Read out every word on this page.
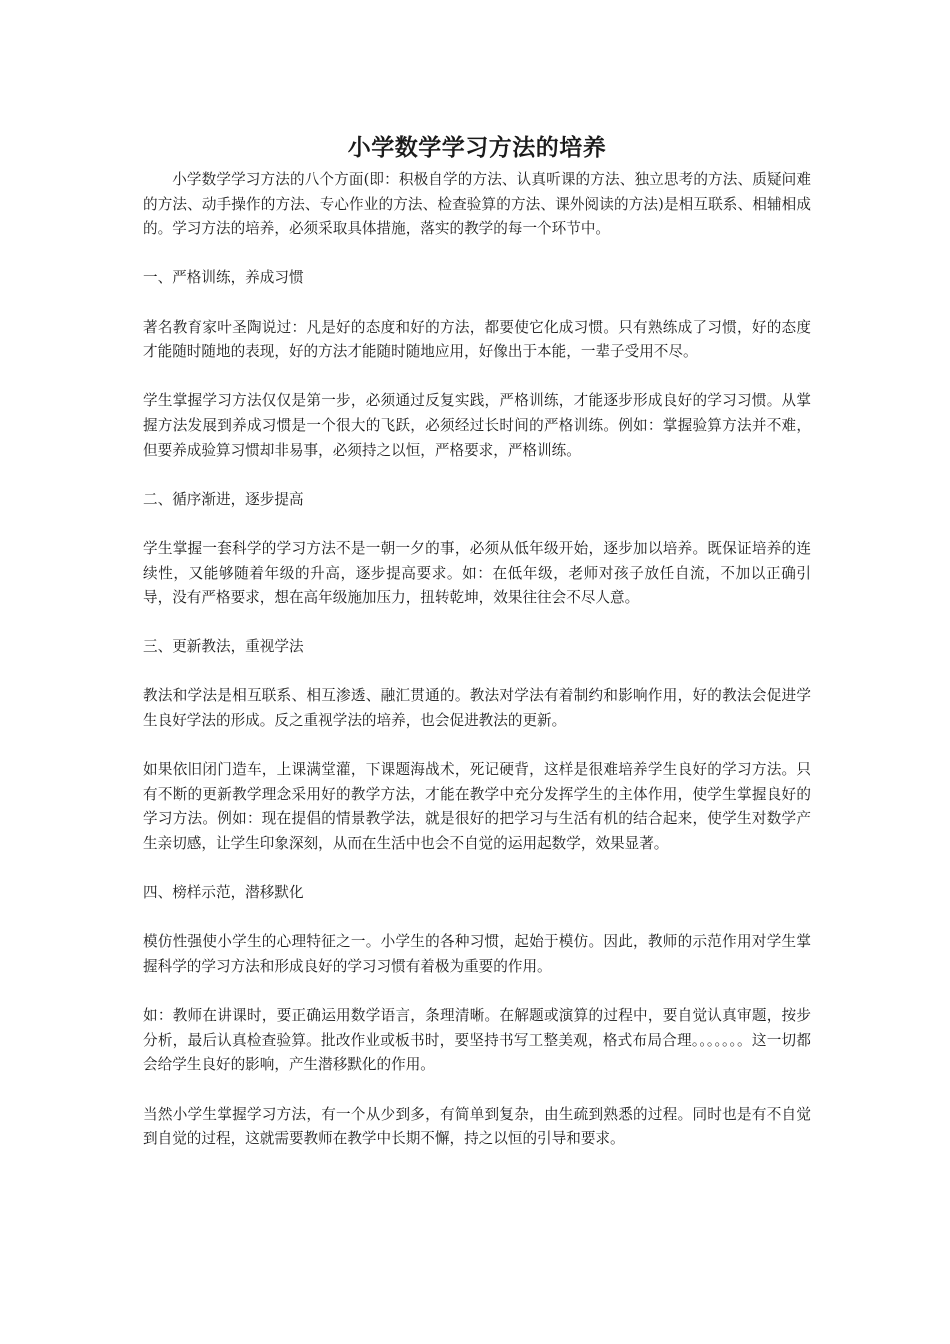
小学数学学习方法的培养

小学数学学习方法的八个方面(即：积极自学的方法、认真听课的方法、独立思考的方法、质疑问难的方法、动手操作的方法、专心作业的方法、检查验算的方法、课外阅读的方法)是相互联系、相辅相成的。学习方法的培养，必须采取具体措施，落实的教学的每一个环节中。

一、严格训练，养成习惯

著名教育家叶圣陶说过：凡是好的态度和好的方法，都要使它化成习惯。只有熟练成了习惯，好的态度才能随时随地的表现，好的方法才能随时随地应用，好像出于本能，一辈子受用不尽。

学生掌握学习方法仅仅是第一步，必须通过反复实践，严格训练，才能逐步形成良好的学习习惯。从掌握方法发展到养成习惯是一个很大的飞跃，必须经过长时间的严格训练。例如：掌握验算方法并不难，但要养成验算习惯却非易事，必须持之以恒，严格要求，严格训练。

二、循序渐进，逐步提高

学生掌握一套科学的学习方法不是一朝一夕的事，必须从低年级开始，逐步加以培养。既保证培养的连续性，又能够随着年级的升高，逐步提高要求。如：在低年级，老师对孩子放任自流，不加以正确引导，没有严格要求，想在高年级施加压力，扭转乾坤，效果往往会不尽人意。

三、更新教法，重视学法

教法和学法是相互联系、相互渗透、融汇贯通的。教法对学法有着制约和影响作用，好的教法会促进学生良好学法的形成。反之重视学法的培养，也会促进教法的更新。

如果依旧闭门造车，上课满堂灌，下课题海战术，死记硬背，这样是很难培养学生良好的学习方法。只有不断的更新教学理念采用好的教学方法，才能在教学中充分发挥学生的主体作用，使学生掌握良好的学习方法。例如：现在提倡的情景教学法，就是很好的把学习与生活有机的结合起来，使学生对数学产生亲切感，让学生印象深刻，从而在生活中也会不自觉的运用起数学，效果显著。

四、榜样示范，潜移默化

模仿性强使小学生的心理特征之一。小学生的各种习惯，起始于模仿。因此，教师的示范作用对学生掌握科学的学习方法和形成良好的学习习惯有着极为重要的作用。

如：教师在讲课时，要正确运用数学语言，条理清晰。在解题或演算的过程中，要自觉认真审题，按步分析，最后认真检查验算。批改作业或板书时，要坚持书写工整美观，格式布局合理。。。。。。。这一切都会给学生良好的影响，产生潜移默化的作用。

当然小学生掌握学习方法，有一个从少到多，有简单到复杂，由生疏到熟悉的过程。同时也是有不自觉到自觉的过程，这就需要教师在教学中长期不懈，持之以恒的引导和要求。
